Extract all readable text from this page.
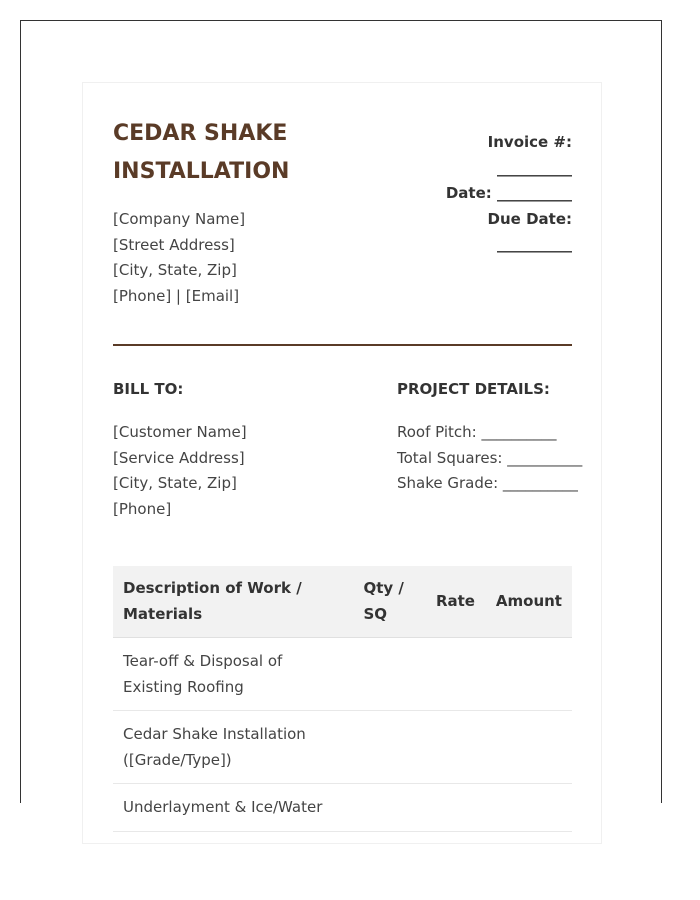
CEDAR SHAKE
INSTALLATION
Invoice #:
__________
Date: __________
Due Date:
__________
[Company Name]
[Street Address]
[City, State, Zip]
[Phone] | [Email]
BILL TO:	PROJECT DETAILS:
[Customer Name]
[Service Address]
[City, State, Zip]
[Phone]
Roof Pitch: __________
Total Squares: __________
Shake Grade: __________
Description of Work / Materials	Qty / SQ	Rate	Amount
Tear-off & Disposal of Existing Roofing			
Cedar Shake Installation ([Grade/Type])			
Underlayment & Ice/Water			
